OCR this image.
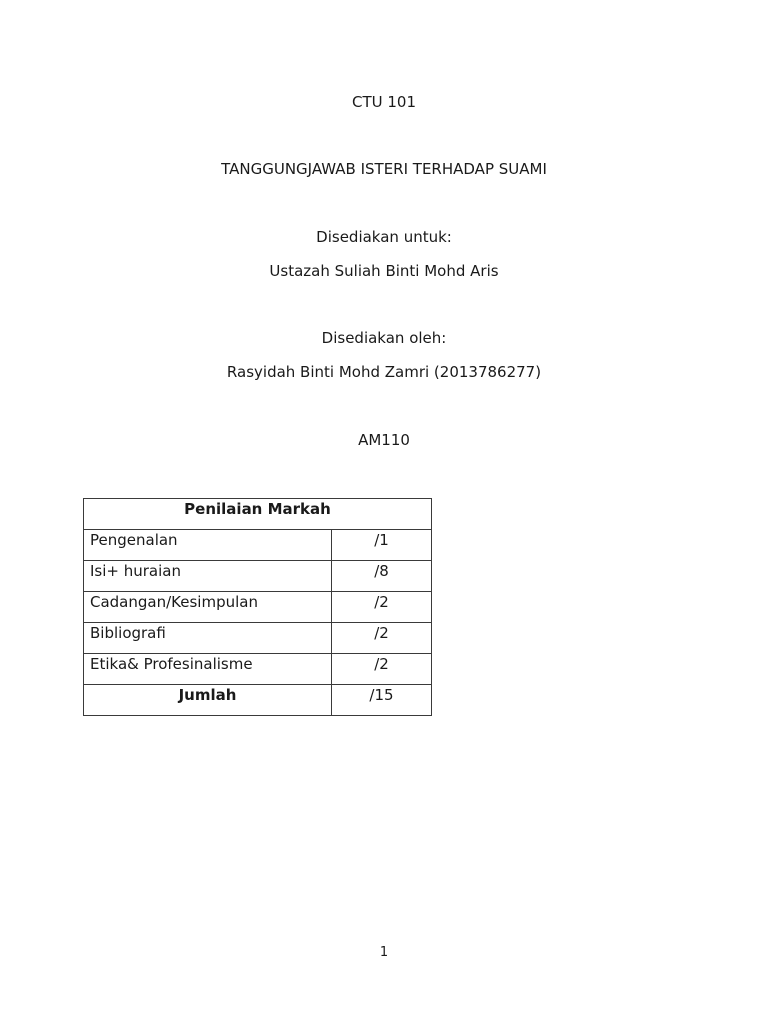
CTU 101
TANGGUNGJAWAB ISTERI TERHADAP SUAMI
Disediakan untuk:
Ustazah Suliah Binti Mohd Aris
Disediakan oleh:
Rasyidah Binti Mohd Zamri (2013786277)
AM110
Penilaian Markah	
Pengenalan	/1
Isi+ huraian	/8
Cadangan/Kesimpulan	/2
Bibliografi	/2
Etika& Profesinalisme	/2
Jumlah	/15
1
